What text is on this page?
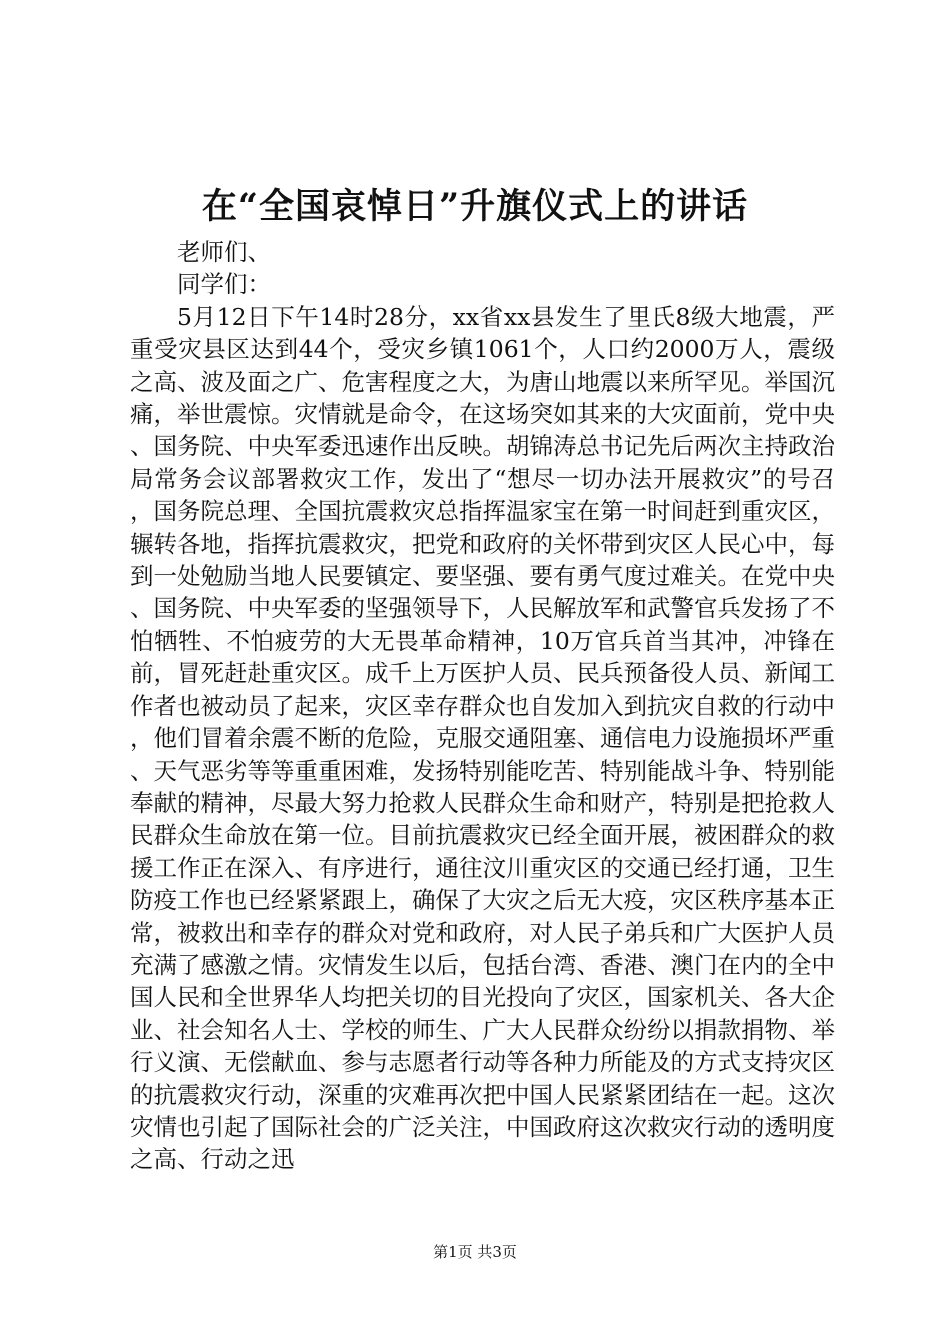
在“全国哀悼日”升旗仪式上的讲话

老师们、

同学们：

5月12日下午14时28分，xx省xx县发生了里氏8级大地震，严重受灾县区达到44个，受灾乡镇1061个，人口约2000万人，震级之高、波及面之广、危害程度之大，为唐山地震以来所罕见。举国沉痛，举世震惊。灾情就是命令，在这场突如其来的大灾面前，党中央、国务院、中央军委迅速作出反映。胡锦涛总书记先后两次主持政治局常务会议部署救灾工作，发出了“想尽一切办法开展救灾”的号召，国务院总理、全国抗震救灾总指挥温家宝在第一时间赶到重灾区，辗转各地，指挥抗震救灾，把党和政府的关怀带到灾区人民心中，每到一处勉励当地人民要镇定、要坚强、要有勇气度过难关。在党中央、国务院、中央军委的坚强领导下，人民解放军和武警官兵发扬了不怕牺牲、不怕疲劳的大无畏革命精神，10万官兵首当其冲，冲锋在前，冒死赶赴重灾区。成千上万医护人员、民兵预备役人员、新闻工作者也被动员了起来，灾区幸存群众也自发加入到抗灾自救的行动中，他们冒着余震不断的危险，克服交通阻塞、通信电力设施损坏严重、天气恶劣等等重重困难，发扬特别能吃苦、特别能战斗争、特别能奉献的精神，尽最大努力抢救人民群众生命和财产，特别是把抢救人民群众生命放在第一位。目前抗震救灾已经全面开展，被困群众的救援工作正在深入、有序进行，通往汶川重灾区的交通已经打通，卫生防疫工作也已经紧紧跟上，确保了大灾之后无大疫，灾区秩序基本正常，被救出和幸存的群众对党和政府，对人民子弟兵和广大医护人员充满了感激之情。灾情发生以后，包括台湾、香港、澳门在内的全中国人民和全世界华人均把关切的目光投向了灾区，国家机关、各大企业、社会知名人士、学校的师生、广大人民群众纷纷以捐款捐物、举行义演、无偿献血、参与志愿者行动等各种力所能及的方式支持灾区的抗震救灾行动，深重的灾难再次把中国人民紧紧团结在一起。这次灾情也引起了国际社会的广泛关注，中国政府这次救灾行动的透明度之高、行动之迅

第1页 共3页
